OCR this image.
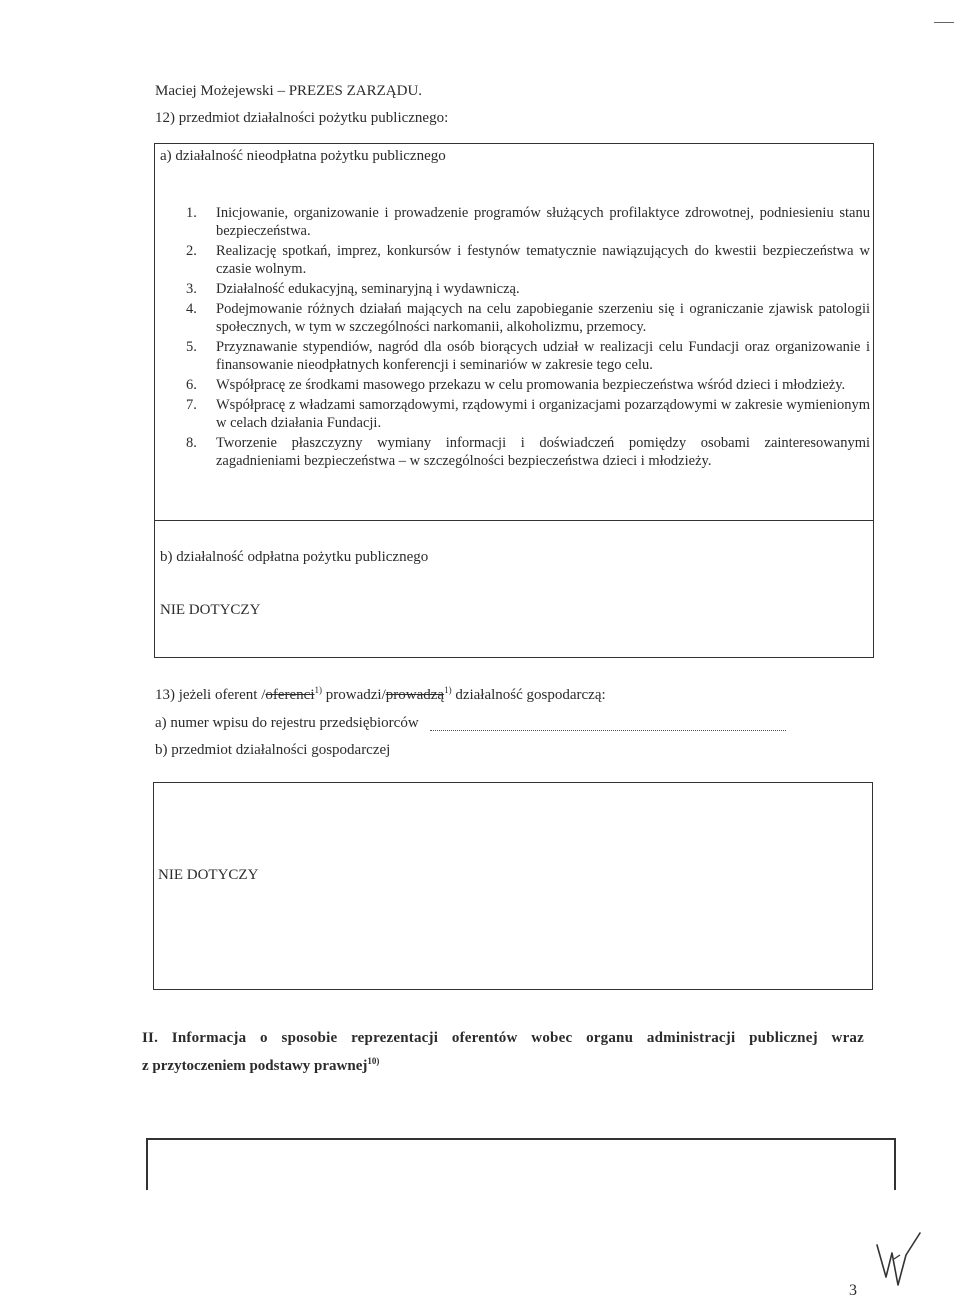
Maciej Możejewski – PREZES ZARZĄDU.
12) przedmiot działalności pożytku publicznego:
a) działalność nieodpłatna pożytku publicznego
1. Inicjowanie, organizowanie i prowadzenie programów służących profilaktyce zdrowotnej, podniesieniu stanu bezpieczeństwa.
2. Realizację spotkań, imprez, konkursów i festynów tematycznie nawiązujących do kwestii bezpieczeństwa w czasie wolnym.
3. Działalność edukacyjną, seminaryjną i wydawniczą.
4. Podejmowanie różnych działań mających na celu zapobieganie szerzeniu się i ograniczanie zjawisk patologii społecznych, w tym w szczególności narkomanii, alkoholizmu, przemocy.
5. Przyznawanie stypendiów, nagród dla osób biorących udział w realizacji celu Fundacji oraz organizowanie i finansowanie nieodpłatnych konferencji i seminariów w zakresie tego celu.
6. Współpracę ze środkami masowego przekazu w celu promowania bezpieczeństwa wśród dzieci i młodzieży.
7. Współpracę z władzami samorządowymi, rządowymi i organizacjami pozarządowymi w zakresie wymienionym w celach działania Fundacji.
8. Tworzenie płaszczyzny wymiany informacji i doświadczeń pomiędzy osobami zainteresowanymi zagadnieniami bezpieczeństwa – w szczególności bezpieczeństwa dzieci i młodzieży.
b) działalność odpłatna pożytku publicznego
NIE DOTYCZY
13) jeżeli oferent /oferenci$^{1)}$ prowadzi/prowadzą$^{1)}$ działalność gospodarczą:
a) numer wpisu do rejestru przedsiębiorców
b) przedmiot działalności gospodarczej
NIE DOTYCZY
II. Informacja o sposobie reprezentacji oferentów wobec organu administracji publicznej wraz
z przytoczeniem podstawy prawnej$^{10)}$
3
